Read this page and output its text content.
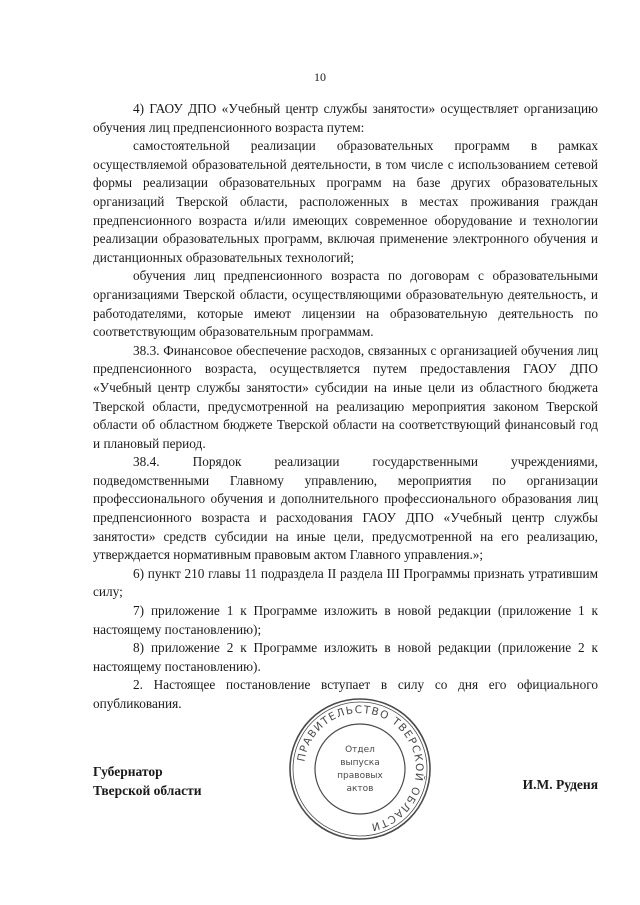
10

4) ГАОУ ДПО «Учебный центр службы занятости» осуществляет организацию обучения лиц предпенсионного возраста путем:

самостоятельной реализации образовательных программ в рамках осуществляемой образовательной деятельности, в том числе с использованием сетевой формы реализации образовательных программ на базе других образовательных организаций Тверской области, расположенных в местах проживания граждан предпенсионного возраста и/или имеющих современное оборудование и технологии реализации образовательных программ, включая применение электронного обучения и дистанционных образовательных технологий;

обучения лиц предпенсионного возраста по договорам с образовательными организациями Тверской области, осуществляющими образовательную деятельность, и работодателями, которые имеют лицензии на образовательную деятельность по соответствующим образовательным программам.

38.3. Финансовое обеспечение расходов, связанных с организацией обучения лиц предпенсионного возраста, осуществляется путем предоставления ГАОУ ДПО «Учебный центр службы занятости» субсидии на иные цели из областного бюджета Тверской области, предусмотренной на реализацию мероприятия законом Тверской области об областном бюджете Тверской области на соответствующий финансовый год и плановый период.

38.4. Порядок реализации государственными учреждениями, подведомственными Главному управлению, мероприятия по организации профессионального обучения и дополнительного профессионального образования лиц предпенсионного возраста и расходования ГАОУ ДПО «Учебный центр службы занятости» средств субсидии на иные цели, предусмотренной на его реализацию, утверждается нормативным правовым актом Главного управления.»;

6) пункт 210 главы 11 подраздела II раздела III Программы признать утратившим силу;

7) приложение 1 к Программе изложить в новой редакции (приложение 1 к настоящему постановлению);

8) приложение 2 к Программе изложить в новой редакции (приложение 2 к настоящему постановлению).

2. Настоящее постановление вступает в силу со дня его официального опубликования.

Губернатор
Тверской области	И.М. Руденя
ПРАВИТЕЛЬСТВО ТВЕРСКОЙ ОБЛАСТИ
Отдел
выпуска
правовых
актов
